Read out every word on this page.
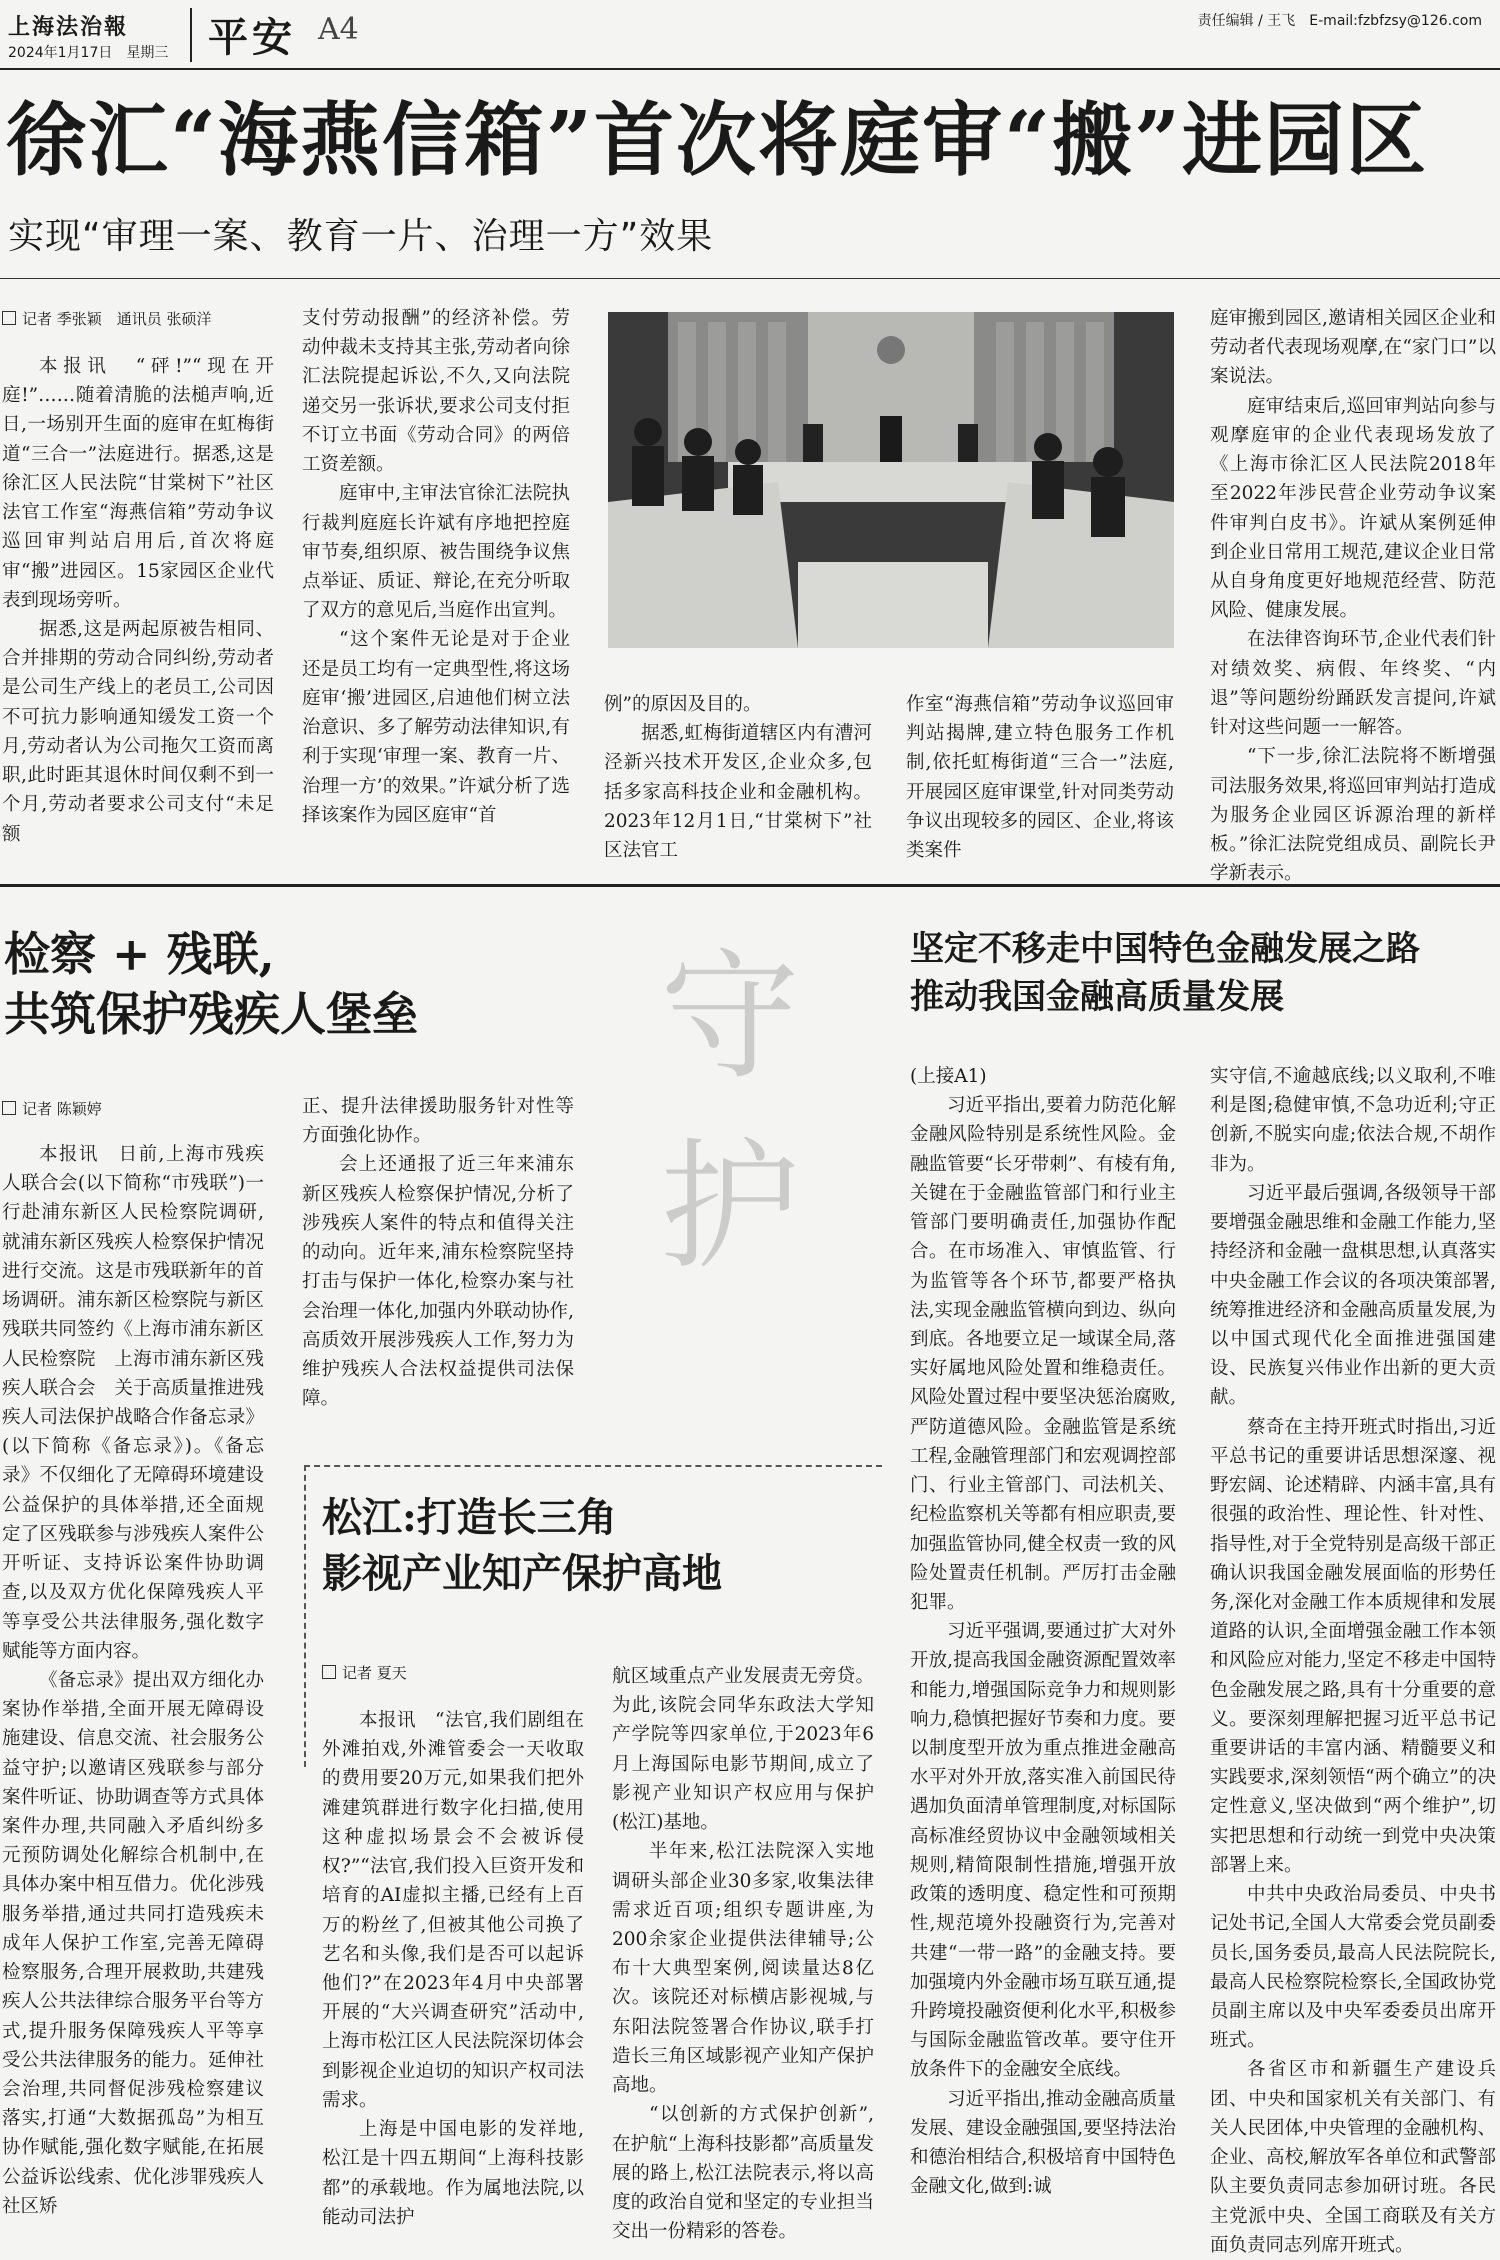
上海法治報
2024年1月17日　星期三 平安 A4	责任编辑 / 王飞　E-mail:fzbfzsy@126.com
徐汇“海燕信箱”首次将庭审“搬”进园区
实现“审理一案、教育一片、治理一方”效果
记者 季张颖　通讯员 张硕洋

本报讯　“砰!”“现在开庭!”……随着清脆的法槌声响,近日,一场别开生面的庭审在虹梅街道“三合一”法庭进行。据悉,这是徐汇区人民法院“甘棠树下”社区法官工作室“海燕信箱”劳动争议巡回审判站启用后,首次将庭审“搬”进园区。15家园区企业代表到现场旁听。

据悉,这是两起原被告相同、合并排期的劳动合同纠纷,劳动者是公司生产线上的老员工,公司因不可抗力影响通知缓发工资一个月,劳动者认为公司拖欠工资而离职,此时距其退休时间仅剩不到一个月,劳动者要求公司支付“未足额

支付劳动报酬”的经济补偿。劳动仲裁未支持其主张,劳动者向徐汇法院提起诉讼,不久,又向法院递交另一张诉状,要求公司支付拒不订立书面《劳动合同》的两倍工资差额。

庭审中,主审法官徐汇法院执行裁判庭庭长许斌有序地把控庭审节奏,组织原、被告围绕争议焦点举证、质证、辩论,在充分听取了双方的意见后,当庭作出宣判。

“这个案件无论是对于企业还是员工均有一定典型性,将这场庭审‘搬’进园区,启迪他们树立法治意识、多了解劳动法律知识,有利于实现‘审理一案、教育一片、治理一方’的效果。”许斌分析了选择该案作为园区庭审“首

例”的原因及目的。

据悉,虹梅街道辖区内有漕河泾新兴技术开发区,企业众多,包括多家高科技企业和金融机构。2023年12月1日,“甘棠树下”社区法官工

作室“海燕信箱”劳动争议巡回审判站揭牌,建立特色服务工作机制,依托虹梅街道“三合一”法庭,开展园区庭审课堂,针对同类劳动争议出现较多的园区、企业,将该类案件

庭审搬到园区,邀请相关园区企业和劳动者代表现场观摩,在“家门口”以案说法。

庭审结束后,巡回审判站向参与观摩庭审的企业代表现场发放了《上海市徐汇区人民法院2018年至2022年涉民营企业劳动争议案件审判白皮书》。许斌从案例延伸到企业日常用工规范,建议企业日常从自身角度更好地规范经营、防范风险、健康发展。

在法律咨询环节,企业代表们针对绩效奖、病假、年终奖、“内退”等问题纷纷踊跃发言提问,许斌针对这些问题一一解答。

“下一步,徐汇法院将不断增强司法服务效果,将巡回审判站打造成为服务企业园区诉源治理的新样板。”徐汇法院党组成员、副院长尹学新表示。

检察 + 残联,
共筑保护残疾人堡垒
记者 陈颖婷

本报讯　日前,上海市残疾人联合会(以下简称“市残联”)一行赴浦东新区人民检察院调研,就浦东新区残疾人检察保护情况进行交流。这是市残联新年的首场调研。浦东新区检察院与新区残联共同签约《上海市浦东新区人民检察院　上海市浦东新区残疾人联合会　关于高质量推进残疾人司法保护战略合作备忘录》(以下简称《备忘录》)。《备忘录》不仅细化了无障碍环境建设公益保护的具体举措,还全面规定了区残联参与涉残疾人案件公开听证、支持诉讼案件协助调查,以及双方优化保障残疾人平等享受公共法律服务,强化数字赋能等方面内容。

《备忘录》提出双方细化办案协作举措,全面开展无障碍设施建设、信息交流、社会服务公益守护;以邀请区残联参与部分案件听证、协助调查等方式具体案件办理,共同融入矛盾纠纷多元预防调处化解综合机制中,在具体办案中相互借力。优化涉残服务举措,通过共同打造残疾未成年人保护工作室,完善无障碍检察服务,合理开展救助,共建残疾人公共法律综合服务平台等方式,提升服务保障残疾人平等享受公共法律服务的能力。延伸社会治理,共同督促涉残检察建议落实,打通“大数据孤岛”为相互协作赋能,强化数字赋能,在拓展公益诉讼线索、优化涉罪残疾人社区矫

正、提升法律援助服务针对性等方面強化协作。

会上还通报了近三年来浦东新区残疾人检察保护情况,分析了涉残疾人案件的特点和值得关注的动向。近年来,浦东检察院坚持打击与保护一体化,检察办案与社会治理一体化,加强内外联动协作,高质效开展涉残疾人工作,努力为维护残疾人合法权益提供司法保障。

守
护
松江:打造长三角
影视产业知产保护高地
记者 夏天

本报讯　“法官,我们剧组在外滩拍戏,外滩管委会一天收取的费用要20万元,如果我们把外滩建筑群进行数字化扫描,使用这种虚拟场景会不会被诉侵权?”“法官,我们投入巨资开发和培育的AI虚拟主播,已经有上百万的粉丝了,但被其他公司换了艺名和头像,我们是否可以起诉他们?”在2023年4月中央部署开展的“大兴调查研究”活动中,上海市松江区人民法院深切体会到影视企业迫切的知识产权司法需求。

上海是中国电影的发祥地,松江是十四五期间“上海科技影都”的承载地。作为属地法院,以能动司法护

航区域重点产业发展责无旁贷。为此,该院会同华东政法大学知产学院等四家单位,于2023年6月上海国际电影节期间,成立了影视产业知识产权应用与保护(松江)基地。

半年来,松江法院深入实地调研头部企业30多家,收集法律需求近百项;组织专题讲座,为200余家企业提供法律辅导;公布十大典型案例,阅读量达8亿次。该院还对标横店影视城,与东阳法院签署合作协议,联手打造长三角区域影视产业知产保护高地。

“以创新的方式保护创新”,在护航“上海科技影都”高质量发展的路上,松江法院表示,将以高度的政治自觉和坚定的专业担当交出一份精彩的答卷。

坚定不移走中国特色金融发展之路
推动我国金融高质量发展

(上接A1)

习近平指出,要着力防范化解金融风险特别是系统性风险。金融监管要“长牙带刺”、有棱有角,关键在于金融监管部门和行业主管部门要明确责任,加强协作配合。在市场准入、审慎监管、行为监管等各个环节,都要严格执法,实现金融监管横向到边、纵向到底。各地要立足一域谋全局,落实好属地风险处置和维稳责任。风险处置过程中要坚决惩治腐败,严防道德风险。金融监管是系统工程,金融管理部门和宏观调控部门、行业主管部门、司法机关、纪检监察机关等都有相应职责,要加强监管协同,健全权责一致的风险处置责任机制。严厉打击金融犯罪。

习近平强调,要通过扩大对外开放,提高我国金融资源配置效率和能力,增强国际竞争力和规则影响力,稳慎把握好节奏和力度。要以制度型开放为重点推进金融高水平对外开放,落实准入前国民待遇加负面清单管理制度,对标国际高标准经贸协议中金融领域相关规则,精简限制性措施,增强开放政策的透明度、稳定性和可预期性,规范境外投融资行为,完善对共建“一带一路”的金融支持。要加强境内外金融市场互联互通,提升跨境投融资便利化水平,积极参与国际金融监管改革。要守住开放条件下的金融安全底线。

习近平指出,推动金融高质量发展、建设金融强国,要坚持法治和德治相结合,积极培育中国特色金融文化,做到:诚

实守信,不逾越底线;以义取利,不唯利是图;稳健审慎,不急功近利;守正创新,不脱实向虚;依法合规,不胡作非为。

习近平最后强调,各级领导干部要增强金融思维和金融工作能力,坚持经济和金融一盘棋思想,认真落实中央金融工作会议的各项决策部署,统筹推进经济和金融高质量发展,为以中国式现代化全面推进强国建设、民族复兴伟业作出新的更大贡献。

蔡奇在主持开班式时指出,习近平总书记的重要讲话思想深邃、视野宏阔、论述精辟、内涵丰富,具有很强的政治性、理论性、针对性、指导性,对于全党特别是高级干部正确认识我国金融发展面临的形势任务,深化对金融工作本质规律和发展道路的认识,全面增强金融工作本领和风险应对能力,坚定不移走中国特色金融发展之路,具有十分重要的意义。要深刻理解把握习近平总书记重要讲话的丰富内涵、精髓要义和实践要求,深刻领悟“两个确立”的决定性意义,坚决做到“两个维护”,切实把思想和行动统一到党中央决策部署上来。

中共中央政治局委员、中央书记处书记,全国人大常委会党员副委员长,国务委员,最高人民法院院长,最高人民检察院检察长,全国政协党员副主席以及中央军委委员出席开班式。

各省区市和新疆生产建设兵团、中央和国家机关有关部门、有关人民团体,中央管理的金融机构、企业、高校,解放军各单位和武警部队主要负责同志参加研讨班。各民主党派中央、全国工商联及有关方面负责同志列席开班式。
